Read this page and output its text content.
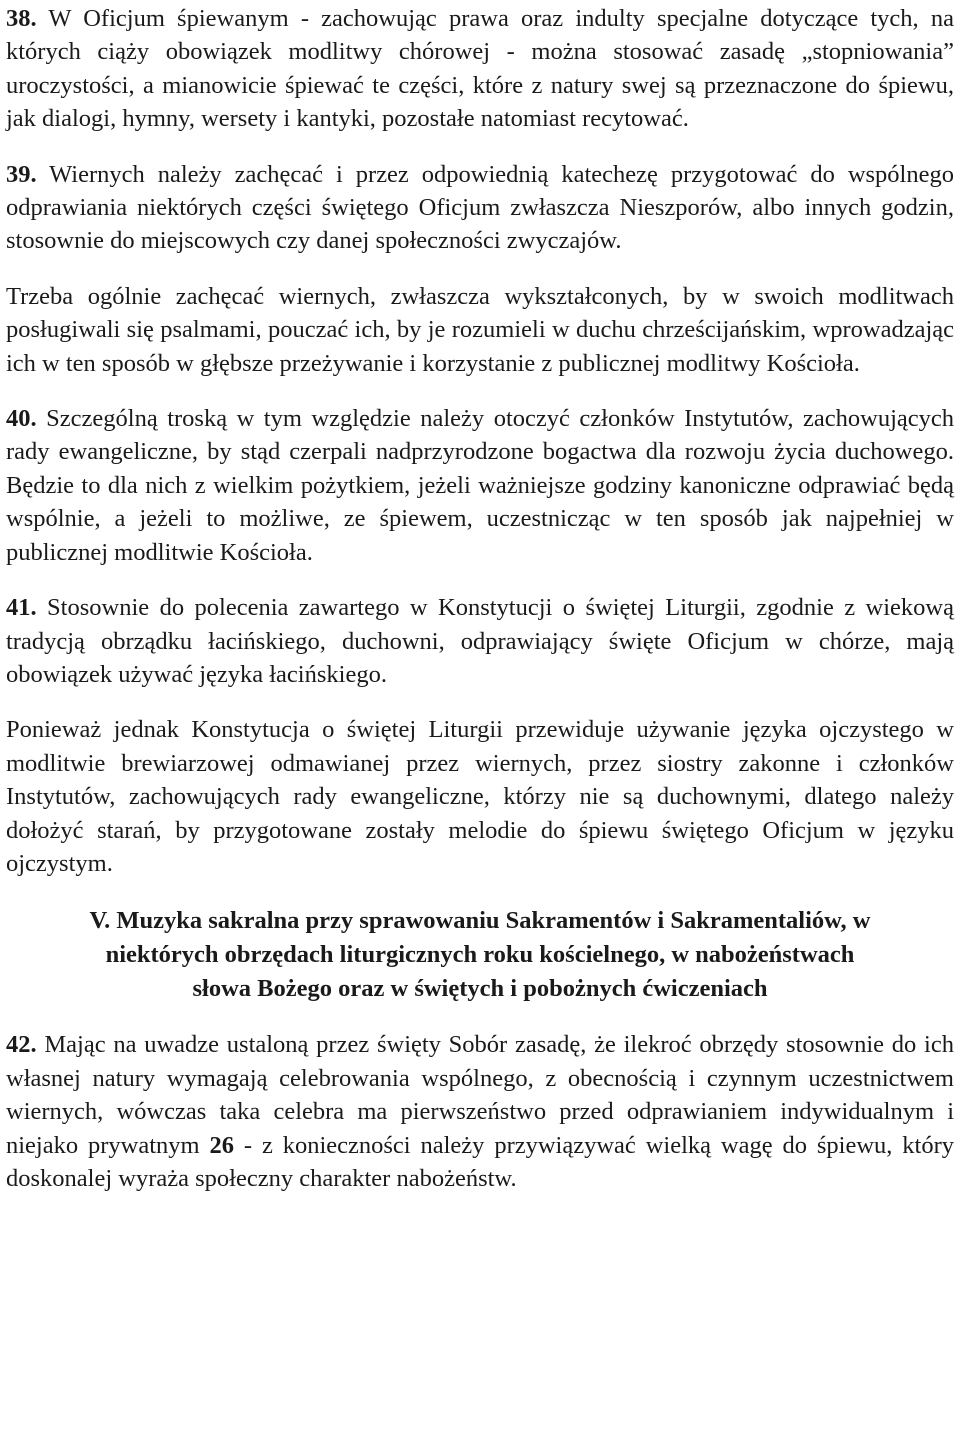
38. W Oficjum śpiewanym - zachowując prawa oraz indulty specjalne dotyczące tych, na których ciąży obowiązek modlitwy chórowej - można stosować zasadę „stopniowania” uroczystości, a mianowicie śpiewać te części, które z natury swej są przeznaczone do śpiewu, jak dialogi, hymny, wersety i kantyki, pozostałe natomiast recytować.

39. Wiernych należy zachęcać i przez odpowiednią katechezę przygotować do wspólnego odprawiania niektórych części świętego Oficjum zwłaszcza Nieszporów, albo innych godzin, stosownie do miejscowych czy danej społeczności zwyczajów.

Trzeba ogólnie zachęcać wiernych, zwłaszcza wykształconych, by w swoich modlitwach posługiwali się psalmami, pouczać ich, by je rozumieli w duchu chrześcijańskim, wprowadzając ich w ten sposób w głębsze przeżywanie i korzystanie z publicznej modlitwy Kościoła.

40. Szczególną troską w tym względzie należy otoczyć członków Instytutów, zachowujących rady ewangeliczne, by stąd czerpali nadprzyrodzone bogactwa dla rozwoju życia duchowego. Będzie to dla nich z wielkim pożytkiem, jeżeli ważniejsze godziny kanoniczne odprawiać będą wspólnie, a jeżeli to możliwe, ze śpiewem, uczestnicząc w ten sposób jak najpełniej w publicznej modlitwie Kościoła.

41. Stosownie do polecenia zawartego w Konstytucji o świętej Liturgii, zgodnie z wiekową tradycją obrządku łacińskiego, duchowni, odprawiający święte Oficjum w chórze, mają obowiązek używać języka łacińskiego.

Ponieważ jednak Konstytucja o świętej Liturgii przewiduje używanie języka ojczystego w modlitwie brewiarzowej odmawianej przez wiernych, przez siostry zakonne i członków Instytutów, zachowujących rady ewangeliczne, którzy nie są duchownymi, dlatego należy dołożyć starań, by przygotowane zostały melodie do śpiewu świętego Oficjum w języku ojczystym.

V. Muzyka sakralna przy sprawowaniu Sakramentów i Sakramentaliów, w
niektórych obrzędach liturgicznych roku kościelnego, w nabożeństwach
słowa Bożego oraz w świętych i pobożnych ćwiczeniach

42. Mając na uwadze ustaloną przez święty Sobór zasadę, że ilekroć obrzędy stosownie do ich własnej natury wymagają celebrowania wspólnego, z obecnością i czynnym uczestnictwem wiernych, wówczas taka celebra ma pierwszeństwo przed odprawianiem indywidualnym i niejako prywatnym 26 - z konieczności należy przywiązywać wielką wagę do śpiewu, który doskonalej wyraża społeczny charakter nabożeństw.
